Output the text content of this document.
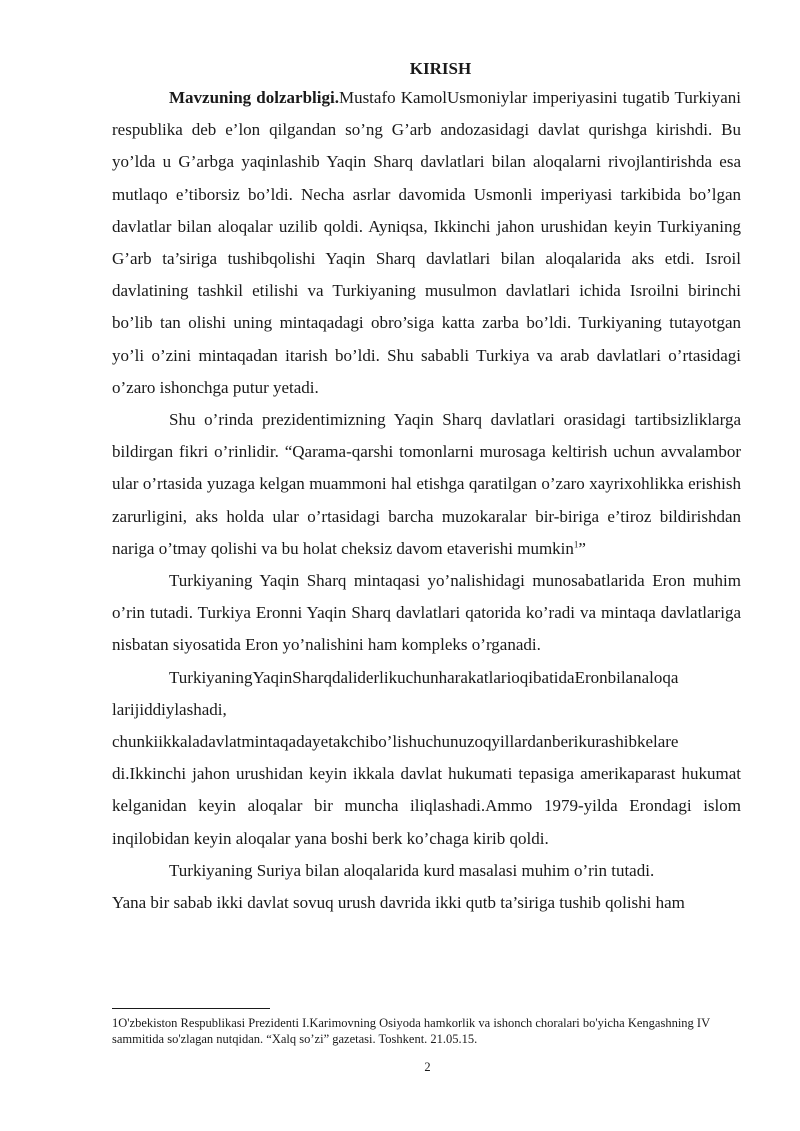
KIRISH

Mavzuning dolzarbligi.Mustafo KamolUsmoniylar imperiyasini tugatib Turkiyani respublika deb e’lon qilgandan so’ng G’arb andozasidagi davlat qurishga kirishdi. Bu yo’lda u G’arbga yaqinlashib Yaqin Sharq davlatlari bilan aloqalarni rivojlantirishda esa mutlaqo e’tiborsiz bo’ldi. Necha asrlar davomida Usmonli imperiyasi tarkibida bo’lgan davlatlar bilan aloqalar uzilib qoldi. Ayniqsa, Ikkinchi jahon urushidan keyin Turkiyaning G’arb ta’siriga tushibqolishi Yaqin Sharq davlatlari bilan aloqalarida aks etdi. Isroil davlatining tashkil etilishi va Turkiyaning musulmon davlatlari ichida Isroilni birinchi bo’lib tan olishi uning mintaqadagi obro’siga katta zarba bo’ldi. Turkiyaning tutayotgan yo’li o’zini mintaqadan itarish bo’ldi. Shu sababli Turkiya va arab davlatlari o’rtasidagi o’zaro ishonchga putur yetadi.

Shu o’rinda prezidentimizning Yaqin Sharq davlatlari orasidagi tartibsizliklarga bildirgan fikri o’rinlidir. “Qarama-qarshi tomonlarni murosaga keltirish uchun avvalambor ular o’rtasida yuzaga kelgan muammoni hal etishga qaratilgan o’zaro xayrixohlikka erishish zarurligini, aks holda ular o’rtasidagi barcha muzokaralar bir-biriga e’tiroz bildirishdan nariga o’tmay qolishi va bu holat cheksiz davom etaverishi mumkin$^1$”

Turkiyaning Yaqin Sharq mintaqasi yo’nalishidagi munosabatlarida Eron muhim o’rin tutadi. Turkiya Eronni Yaqin Sharq davlatlari qatorida ko’radi va mintaqa davlatlariga nisbatan siyosatida Eron yo’nalishini ham kompleks o’rganadi.

TurkiyaningYaqinSharqdaliderlikuchunharakatlarioqibatidaEronbilanaloqa
larijiddiylashadi,

chunkiikkaladavlatmintaqadayetakchibo’lishuchunuzoqyillardanberikurashibkelare di.Ikkinchi jahon urushidan keyin ikkala davlat hukumati tepasiga amerikaparast hukumat kelganidan keyin aloqalar bir muncha iliqlashadi.Ammo 1979-yilda Erondagi islom inqilobidan keyin aloqalar yana boshi berk ko’chaga kirib qoldi.

Turkiyaning Suriya bilan aloqalarida kurd masalasi muhim o’rin tutadi.

Yana bir sabab ikki davlat sovuq urush davrida ikki qutb ta’siriga tushib qolishi ham

1O'zbekiston Respublikasi Prezidenti I.Karimovning Osiyoda hamkorlik va ishonch choralari bo'yicha Kengashning IV sammitida so'zlagan nutqidan. “Xalq so’zi” gazetasi. Toshkent. 21.05.15.
2
